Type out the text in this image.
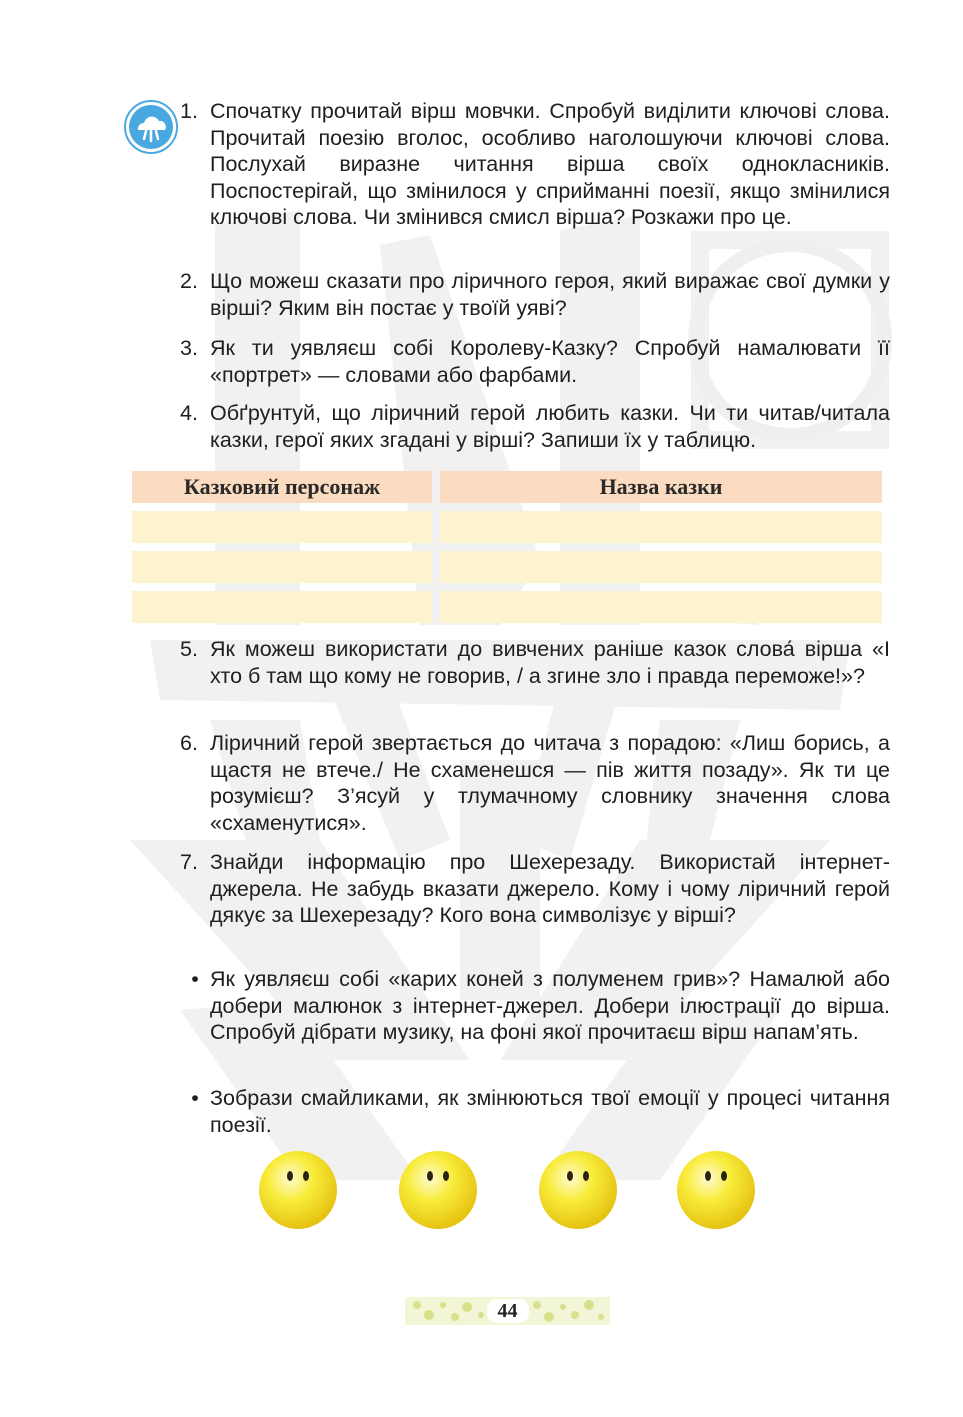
1. Спочатку прочитай вірш мовчки. Спробуй виділити ключові слова. Прочитай поезію вголос, особливо наголошуючи ключові слова. Послухай виразне читання вірша своїх однокласників. Поспостерігай, що змінилося у сприйманні поезії, якщо змінилися ключові слова. Чи змінився смисл вірша? Розкажи про це.
2. Що можеш сказати про ліричного героя, який виражає свої думки у вірші? Яким він постає у твоїй уяві?
3. Як ти уявляєш собі Королеву-Казку? Спробуй намалювати її «портрет» — словами або фарбами.
4. Обґрунтуй, що ліричний герой любить казки. Чи ти читав/читала казки, герої яких згадані у вірші? Запиши їх у таблицю.
Казковий персонаж	Назва казки
5. Як можеш використати до вивчених раніше казок слова́ вірша «І хто б там що кому не говорив, / а згине зло і правда переможе!»?
6. Ліричний герой звертається до читача з порадою: «Лиш борись, а щастя не втече./ Не схаменешся — пів життя позаду». Як ти це розумієш? З’ясуй у тлумачному словнику значення слова «схаменутися».
7. Знайди інформацію про Шехерезаду. Використай інтернет-джерела. Не забудь вказати джерело. Кому і чому ліричний герой дякує за Шехерезаду? Кого вона символізує у вірші?
• Як уявляєш собі «карих коней з полуменем грив»? Намалюй або добери малюнок з інтернет-джерел. Добери ілюстрації до вірша. Спробуй дібрати музику, на фоні якої прочитаєш вірш напам’ять.
• Зобрази смайликами, як змінюються твої емоції у процесі читання поезії.
44
